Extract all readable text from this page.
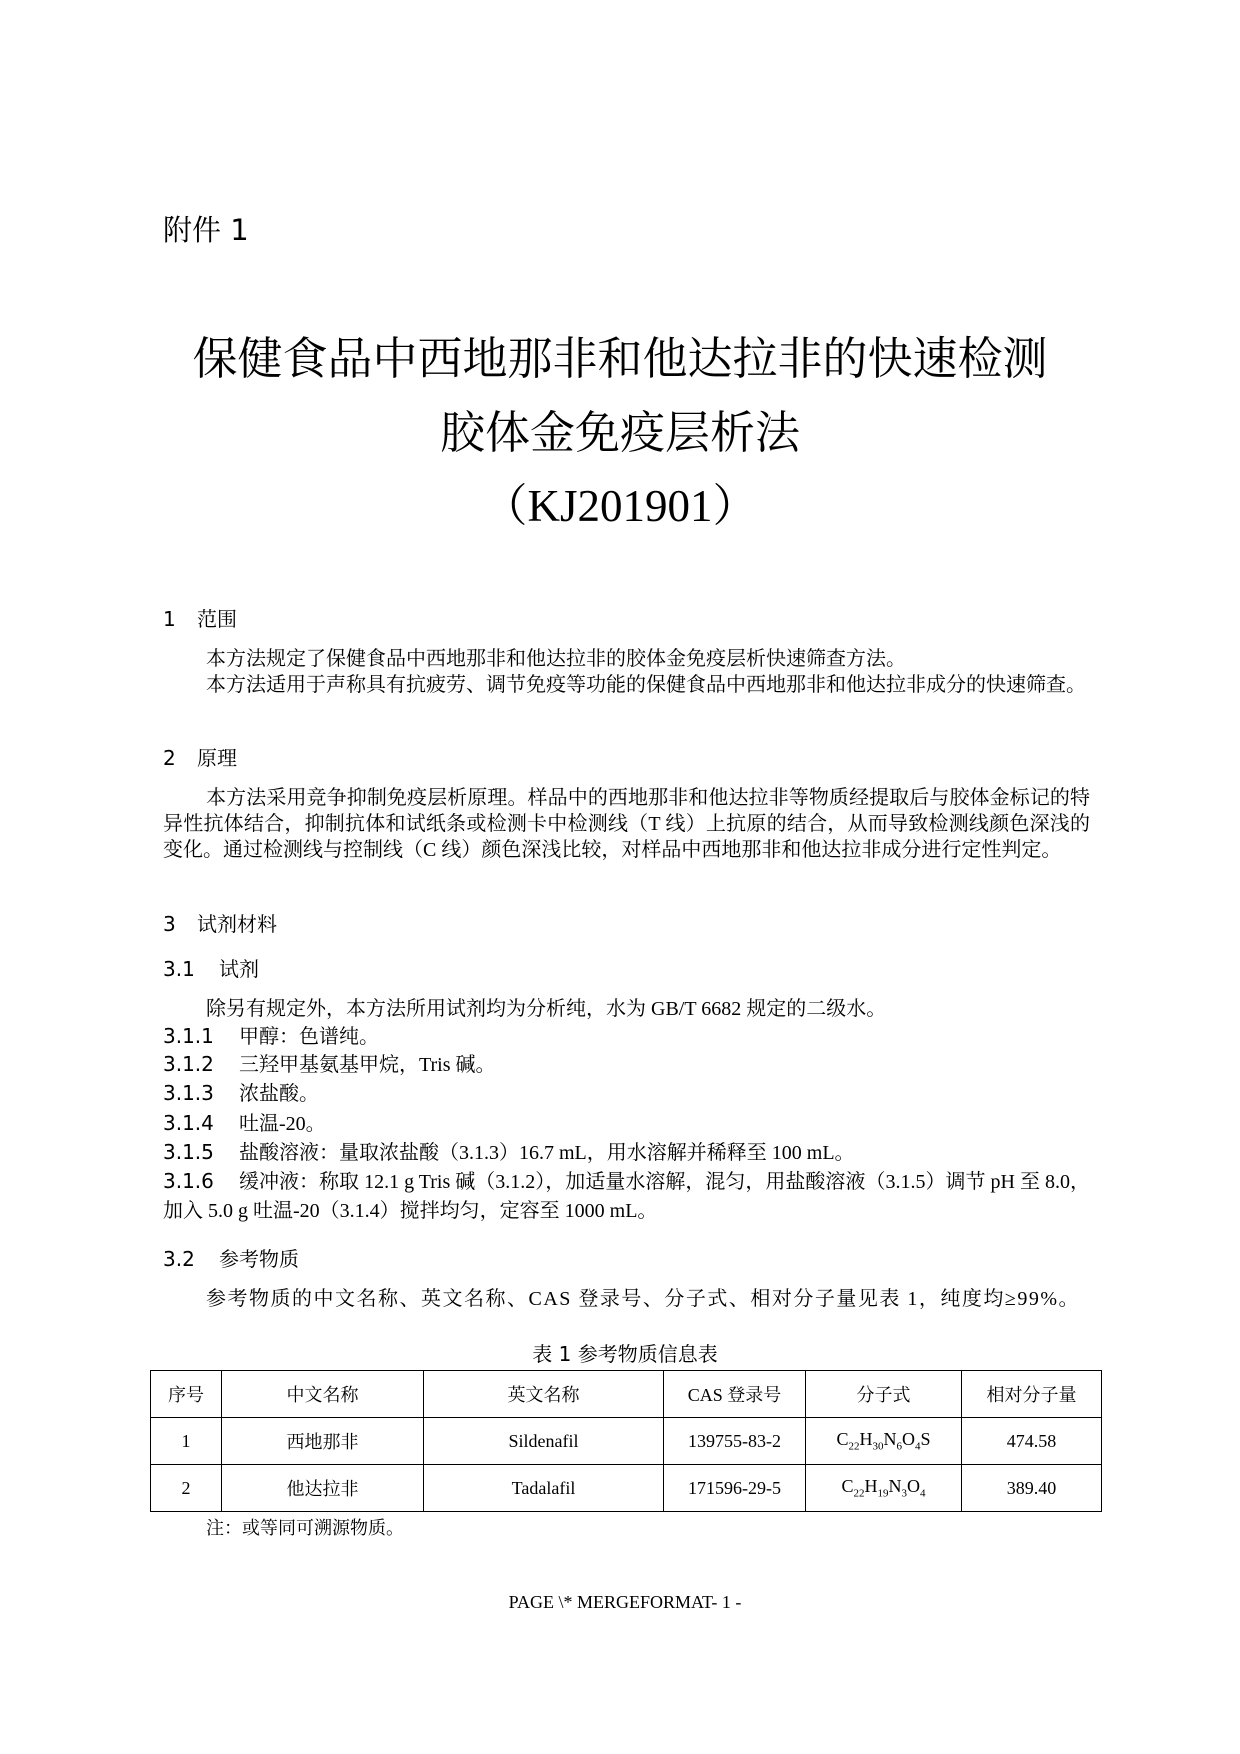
附件 1
保健食品中西地那非和他达拉非的快速检测
胶体金免疫层析法
（KJ201901）
1 范围
本方法规定了保健食品中西地那非和他达拉非的胶体金免疫层析快速筛查方法。
本方法适用于声称具有抗疲劳、调节免疫等功能的保健食品中西地那非和他达拉非成分的快速筛查。
2 原理
本方法采用竞争抑制免疫层析原理。样品中的西地那非和他达拉非等物质经提取后与胶体金标记的特异性抗体结合，抑制抗体和试纸条或检测卡中检测线（T 线）上抗原的结合，从而导致检测线颜色深浅的变化。通过检测线与控制线（C 线）颜色深浅比较，对样品中西地那非和他达拉非成分进行定性判定。
3 试剂材料
3.1 试剂
除另有规定外，本方法所用试剂均为分析纯，水为 GB/T 6682 规定的二级水。
3.1.1 甲醇：色谱纯。
3.1.2 三羟甲基氨基甲烷，Tris 碱。
3.1.3 浓盐酸。
3.1.4 吐温-20。
3.1.5 盐酸溶液：量取浓盐酸（3.1.3）16.7 mL，用水溶解并稀释至 100 mL。
3.1.6 缓冲液：称取 12.1 g Tris 碱（3.1.2），加适量水溶解，混匀，用盐酸溶液（3.1.5）调节 pH 至 8.0，加入 5.0 g 吐温-20（3.1.4）搅拌均匀，定容至 1000 mL。
3.2 参考物质
参考物质的中文名称、英文名称、CAS 登录号、分子式、相对分子量见表 1，纯度均≥99%。
表 1 参考物质信息表
序号	中文名称	英文名称	CAS 登录号	分子式	相对分子量
1	西地那非	Sildenafil	139755-83-2	$C_{22}H_{30}N_6O_4S$	474.58
2	他达拉非	Tadalafil	171596-29-5	$C_{22}H_{19}N_3O_4$	389.40
注：或等同可溯源物质。
PAGE \* MERGEFORMAT- 1 -
